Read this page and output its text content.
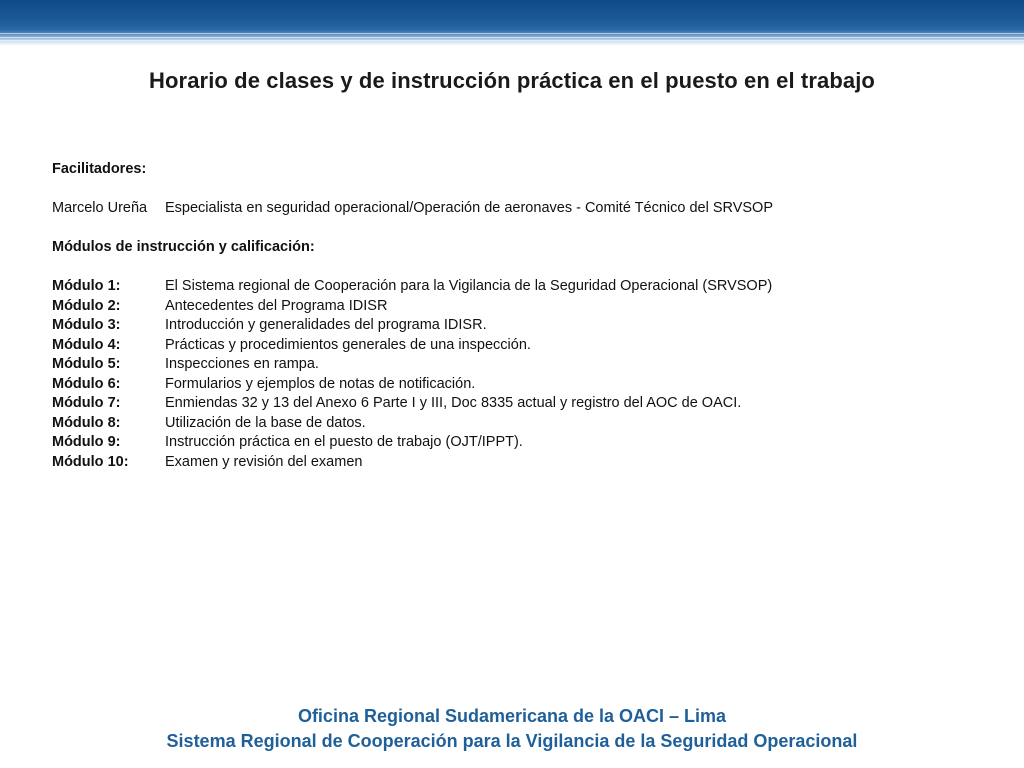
Horario de clases y de instrucción práctica en el puesto en el trabajo
Facilitadores:
Marcelo Ureña Especialista en seguridad operacional/Operación de aeronaves - Comité Técnico del SRVSOP
Módulos de instrucción y calificación:
Módulo 1:	El Sistema regional de Cooperación para la Vigilancia de la Seguridad Operacional (SRVSOP)
Módulo 2:	Antecedentes del Programa IDISR
Módulo 3:	Introducción y generalidades del programa IDISR.
Módulo 4:	Prácticas y procedimientos generales de una inspección.
Módulo 5:	Inspecciones en rampa.
Módulo 6:	Formularios y ejemplos de notas de notificación.
Módulo 7:	Enmiendas 32 y 13 del Anexo 6 Parte I y III, Doc 8335 actual y registro del AOC de OACI.
Módulo 8:	Utilización de la base de datos.
Módulo 9:	Instrucción práctica en el puesto de trabajo (OJT/IPPT).
Módulo 10:	Examen y revisión del examen
Oficina Regional Sudamericana de la OACI – Lima
Sistema Regional de Cooperación para la Vigilancia de la Seguridad Operacional
